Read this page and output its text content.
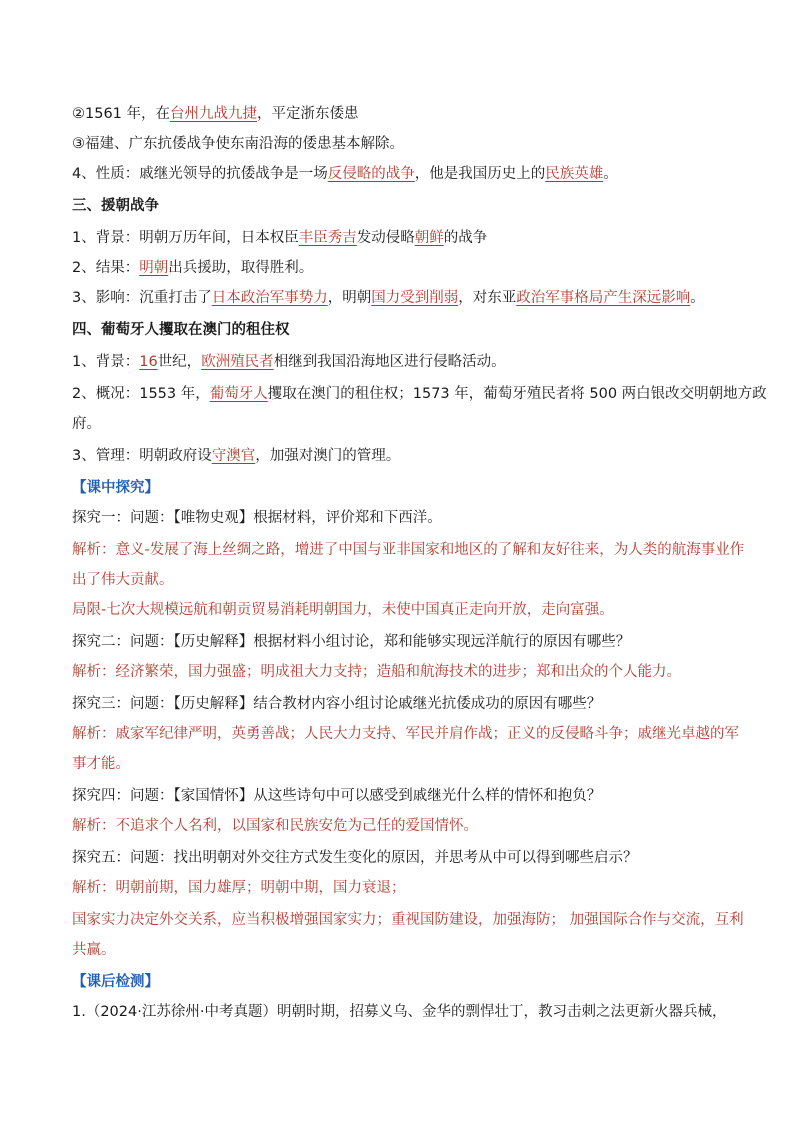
②1561 年，在台州九战九捷，平定浙东倭患
③福建、广东抗倭战争使东南沿海的倭患基本解除。
4、性质：戚继光领导的抗倭战争是一场反侵略的战争，他是我国历史上的民族英雄。
三、援朝战争
1、背景：明朝万历年间，日本权臣丰臣秀吉发动侵略朝鲜的战争
2、结果：明朝出兵援助，取得胜利。
3、影响：沉重打击了日本政治军事势力，明朝国力受到削弱，对东亚政治军事格局产生深远影响。
四、葡萄牙人攫取在澳门的租住权
1、背景：16世纪，欧洲殖民者相继到我国沿海地区进行侵略活动。
2、概况：1553 年，葡萄牙人攫取在澳门的租住权；1573 年，葡萄牙殖民者将 500 两白银改交明朝地方政
府。
3、管理：明朝政府设守澳官，加强对澳门的管理。
【课中探究】
探究一：问题：【唯物史观】根据材料，评价郑和下西洋。
解析：意义-发展了海上丝绸之路，增进了中国与亚非国家和地区的了解和友好往来，为人类的航海事业作
出了伟大贡献。
局限-七次大规模远航和朝贡贸易消耗明朝国力，未使中国真正走向开放，走向富强。
探究二：问题：【历史解释】根据材料小组讨论，郑和能够实现远洋航行的原因有哪些？
解析：经济繁荣，国力强盛；明成祖大力支持；造船和航海技术的进步；郑和出众的个人能力。
探究三：问题：【历史解释】结合教材内容小组讨论戚继光抗倭成功的原因有哪些？
解析：戚家军纪律严明，英勇善战；人民大力支持、军民并肩作战；正义的反侵略斗争；戚继光卓越的军
事才能。
探究四：问题：【家国情怀】从这些诗句中可以感受到戚继光什么样的情怀和抱负？
解析：不追求个人名利，以国家和民族安危为己任的爱国情怀。
探究五：问题：找出明朝对外交往方式发生变化的原因，并思考从中可以得到哪些启示？
解析：明朝前期，国力雄厚；明朝中期，国力衰退；
国家实力决定外交关系，应当积极增强国家实力；重视国防建设，加强海防； 加强国际合作与交流，互利
共赢。
【课后检测】
1.（2024·江苏徐州·中考真题）明朝时期，招募义乌、金华的剽悍壮丁，教习击刺之法更新火器兵械，
